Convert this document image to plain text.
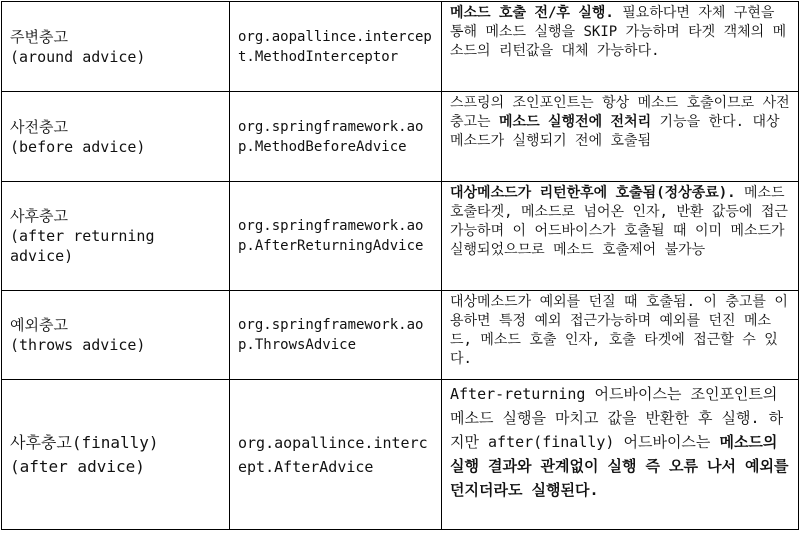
주변충고
(around advice)	org.aopallince.intercept.MethodInterceptor	메소드 호출 전/후 실행. 필요하다면 자체 구현을 통해 메소드 실행을 SKIP 가능하며 타겟 객체의 메소드의 리턴값을 대체 가능하다.

사전충고
(before advice)	org.springframework.aop.MethodBeforeAdvice	스프링의 조인포인트는 항상 메소드 호출이므로 사전충고는 메소드 실행전에 전처리 기능을 한다. 대상메소드가 실행되기 전에 호출됨

사후충고
(after returning advice)	org.springframework.aop.AfterReturningAdvice	대상메소드가 리턴한후에 호출됨(정상종료). 메소드 호출타겟, 메소드로 넘어온 인자, 반환 값등에 접근가능하며 이 어드바이스가 호출될 때 이미 메소드가 실행되었으므로 메소드 호출제어 불가능

예외충고
(throws advice)	org.springframework.aop.ThrowsAdvice	대상메소드가 예외를 던질 때 호출됨. 이 충고를 이용하면 특정 예외 접근가능하며 예외를 던진 메소드, 메소드 호출 인자, 호출 타겟에 접근할 수 있다.

사후충고(finally)
(after advice)	org.aopallince.intercept.AfterAdvice	After-returning 어드바이스는 조인포인트의 메소드 실행을 마치고 값을 반환한 후 실행. 하지만 after(finally) 어드바이스는 메소드의 실행 결과와 관계없이 실행 즉 오류 나서 예외를 던지더라도 실행된다.
